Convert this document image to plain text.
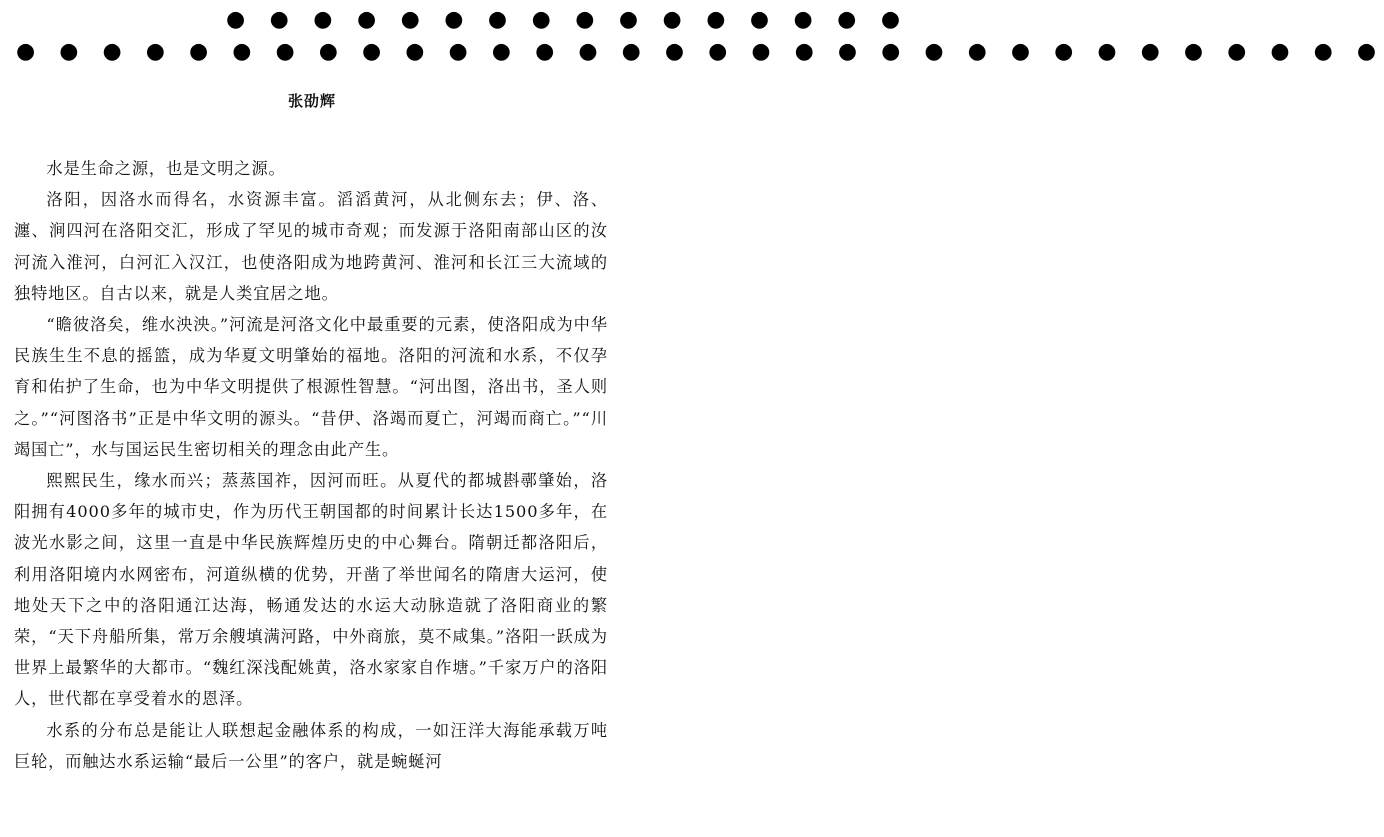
● ● ● ● ● ● ● ● ● ● ● ● ● ● ● ●
● ● ● ● ● ● ● ● ● ● ● ● ● ● ● ● ● ● ● ● ● ● ● ● ● ● ● ● ● ● ● ●
张劭辉

水是生命之源，也是文明之源。

洛阳，因洛水而得名，水资源丰富。滔滔黄河，从北侧东去；伊、洛、瀍、涧四河在洛阳交汇，形成了罕见的城市奇观；而发源于洛阳南部山区的汝河流入淮河，白河汇入汉江，也使洛阳成为地跨黄河、淮河和长江三大流域的独特地区。自古以来，就是人类宜居之地。

“瞻彼洛矣，维水泱泱。”河流是河洛文化中最重要的元素，使洛阳成为中华民族生生不息的摇篮，成为华夏文明肇始的福地。洛阳的河流和水系，不仅孕育和佑护了生命，也为中华文明提供了根源性智慧。“河出图，洛出书，圣人则之。”“河图洛书”正是中华文明的源头。“昔伊、洛竭而夏亡，河竭而商亡。”“川竭国亡”，水与国运民生密切相关的理念由此产生。

熙熙民生，缘水而兴；蒸蒸国祚，因河而旺。从夏代的都城斟鄩肇始，洛阳拥有4000多年的城市史，作为历代王朝国都的时间累计长达1500多年，在波光水影之间，这里一直是中华民族辉煌历史的中心舞台。隋朝迁都洛阳后，利用洛阳境内水网密布，河道纵横的优势，开凿了举世闻名的隋唐大运河，使地处天下之中的洛阳通江达海，畅通发达的水运大动脉造就了洛阳商业的繁荣，“天下舟船所集，常万余艘填满河路，中外商旅，莫不咸集。”洛阳一跃成为世界上最繁华的大都市。“魏红深浅配姚黄，洛水家家自作塘。”千家万户的洛阳人，世代都在享受着水的恩泽。

水系的分布总是能让人联想起金融体系的构成，一如汪洋大海能承载万吨巨轮，而触达水系运输“最后一公里”的客户，就是蜿蜒河
